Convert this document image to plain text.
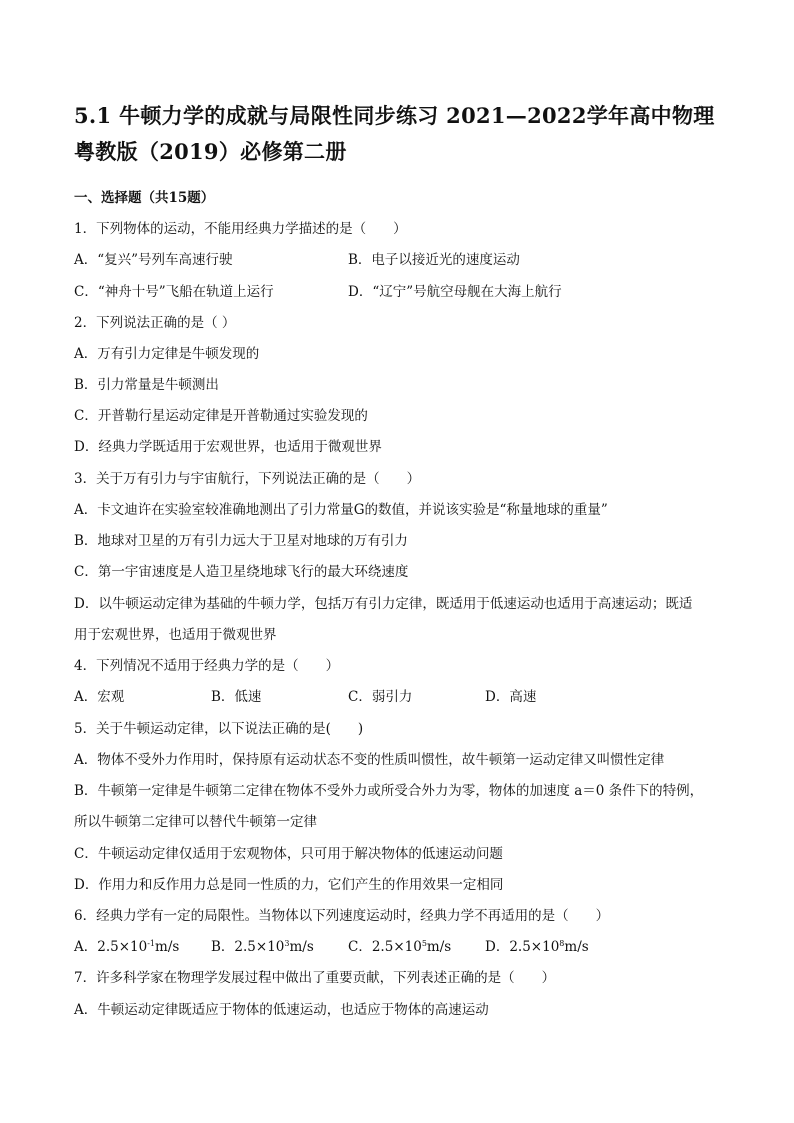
5.1 牛顿力学的成就与局限性同步练习 2021—2022学年高中物理粤教版（2019）必修第二册
一、选择题（共15题）
1．下列物体的运动，不能用经典力学描述的是（　　）
A．“复兴”号列车高速行驶	B．电子以接近光的速度运动
C．“神舟十号”飞船在轨道上运行	D．“辽宁”号航空母舰在大海上航行
2．下列说法正确的是（ ）
A．万有引力定律是牛顿发现的
B．引力常量是牛顿测出
C．开普勒行星运动定律是开普勒通过实验发现的
D．经典力学既适用于宏观世界，也适用于微观世界
3．关于万有引力与宇宙航行，下列说法正确的是（　　）
A．卡文迪许在实验室较准确地测出了引力常量G的数值，并说该实验是“称量地球的重量”
B．地球对卫星的万有引力远大于卫星对地球的万有引力
C．第一宇宙速度是人造卫星绕地球飞行的最大环绕速度
D．以牛顿运动定律为基础的牛顿力学，包括万有引力定律，既适用于低速运动也适用于高速运动；既适
用于宏观世界，也适用于微观世界
4．下列情况不适用于经典力学的是（　　）
A．宏观	B．低速	C．弱引力	D．高速
5．关于牛顿运动定律，以下说法正确的是(　　)
A．物体不受外力作用时，保持原有运动状态不变的性质叫惯性，故牛顿第一运动定律又叫惯性定律
B．牛顿第一定律是牛顿第二定律在物体不受外力或所受合外力为零，物体的加速度 a＝0 条件下的特例，
所以牛顿第二定律可以替代牛顿第一定律
C．牛顿运动定律仅适用于宏观物体，只可用于解决物体的低速运动问题
D．作用力和反作用力总是同一性质的力，它们产生的作用效果一定相同
6．经典力学有一定的局限性。当物体以下列速度运动时，经典力学不再适用的是（　　）
A．$2.5\times 10^{-1}m/s$ B．$2.5\times 10^3m/s$	C．$2.5\times 10^5m/s$	D．$2.5\times 10^8m/s$
7．许多科学家在物理学发展过程中做出了重要贡献，下列表述正确的是（　　）
A．牛顿运动定律既适应于物体的低速运动，也适应于物体的高速运动
